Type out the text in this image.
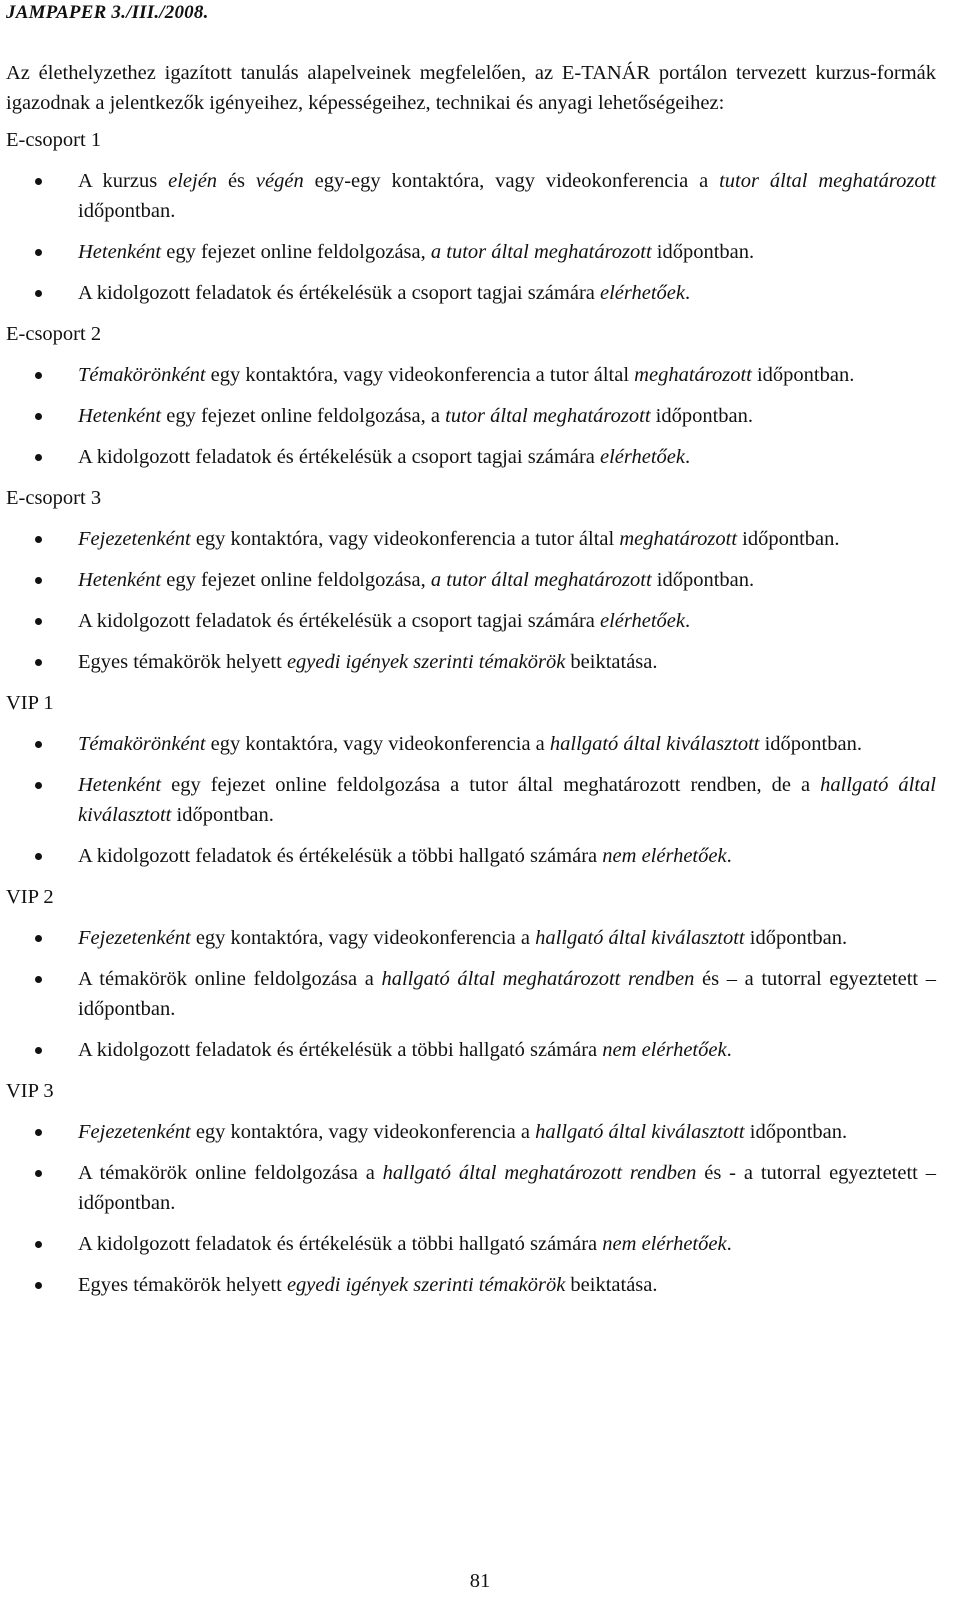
JAMPAPER 3./III./2008.

Az élethelyzethez igazított tanulás alapelveinek megfelelően, az E-TANÁR portálon tervezett kurzus-formák igazodnak a jelentkezők igényeihez, képességeihez, technikai és anyagi lehetőségeihez:

E-csoport 1
A kurzus elején és végén egy-egy kontaktóra, vagy videokonferencia a tutor által meghatározott időpontban.
Hetenként egy fejezet online feldolgozása, a tutor által meghatározott időpontban.
A kidolgozott feladatok és értékelésük a csoport tagjai számára elérhetőek.
E-csoport 2
Témakörönként egy kontaktóra, vagy videokonferencia a tutor által meghatározott időpontban.
Hetenként egy fejezet online feldolgozása, a tutor által meghatározott időpontban.
A kidolgozott feladatok és értékelésük a csoport tagjai számára elérhetőek.
E-csoport 3
Fejezetenként egy kontaktóra, vagy videokonferencia a tutor által meghatározott időpontban.
Hetenként egy fejezet online feldolgozása, a tutor által meghatározott időpontban.
A kidolgozott feladatok és értékelésük a csoport tagjai számára elérhetőek.
Egyes témakörök helyett egyedi igények szerinti témakörök beiktatása.
VIP 1
Témakörönként egy kontaktóra, vagy videokonferencia a hallgató által kiválasztott időpontban.
Hetenként egy fejezet online feldolgozása a tutor által meghatározott rendben, de a hallgató által kiválasztott időpontban.
A kidolgozott feladatok és értékelésük a többi hallgató számára nem elérhetőek.
VIP 2
Fejezetenként egy kontaktóra, vagy videokonferencia a hallgató által kiválasztott időpontban.
A témakörök online feldolgozása a hallgató által meghatározott rendben és – a tutorral egyeztetett – időpontban.
A kidolgozott feladatok és értékelésük a többi hallgató számára nem elérhetőek.
VIP 3
Fejezetenként egy kontaktóra, vagy videokonferencia a hallgató által kiválasztott időpontban.
A témakörök online feldolgozása a hallgató által meghatározott rendben és - a tutorral egyeztetett – időpontban.
A kidolgozott feladatok és értékelésük a többi hallgató számára nem elérhetőek.
Egyes témakörök helyett egyedi igények szerinti témakörök beiktatása.
81
